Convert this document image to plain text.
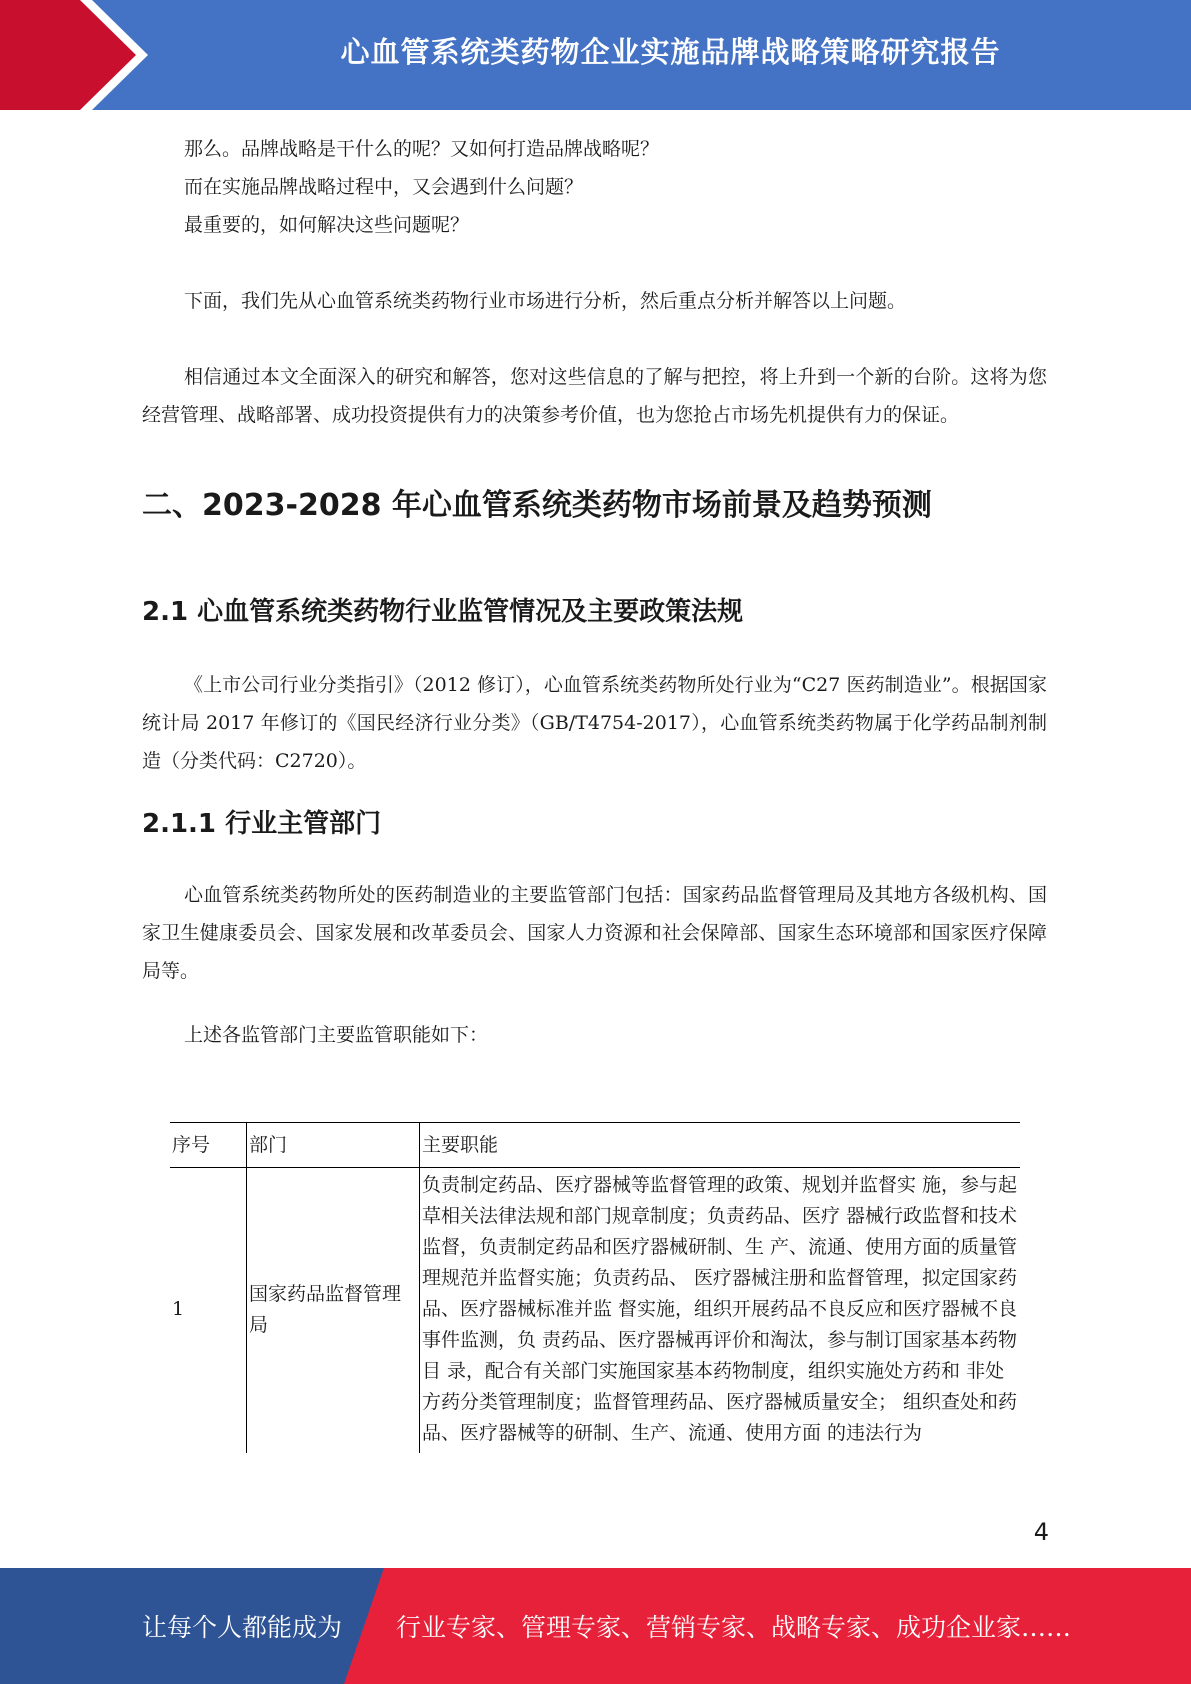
心血管系统类药物企业实施品牌战略策略研究报告

那么。品牌战略是干什么的呢？又如何打造品牌战略呢？

而在实施品牌战略过程中，又会遇到什么问题？

最重要的，如何解决这些问题呢？

下面，我们先从心血管系统类药物行业市场进行分析，然后重点分析并解答以上问题。

相信通过本文全面深入的研究和解答，您对这些信息的了解与把控，将上升到一个新的台阶。这将为您经营管理、战略部署、成功投资提供有力的决策参考价值，也为您抢占市场先机提供有力的保证。

二、2023-2028 年心血管系统类药物市场前景及趋势预测
2.1 心血管系统类药物行业监管情况及主要政策法规

《上市公司行业分类指引》（2012 修订），心血管系统类药物所处行业为“C27 医药制造业”。根据国家统计局 2017 年修订的《国民经济行业分类》（GB/T4754-2017），心血管系统类药物属于化学药品制剂制造（分类代码：C2720）。

2.1.1 行业主管部门

心血管系统类药物所处的医药制造业的主要监管部门包括：国家药品监督管理局及其地方各级机构、国家卫生健康委员会、国家发展和改革委员会、国家人力资源和社会保障部、国家生态环境部和国家医疗保障局等。

上述各监管部门主要监管职能如下：

序号	部门	主要职能
1	国家药品监督管理局	负责制定药品、医疗器械等监督管理的政策、规划并监督实 施，参与起草相关法律法规和部门规章制度；负责药品、医疗 器械行政监督和技术监督，负责制定药品和医疗器械研制、生 产、流通、使用方面的质量管理规范并监督实施；负责药品、 医疗器械注册和监督管理，拟定国家药品、医疗器械标准并监 督实施，组织开展药品不良反应和医疗器械不良事件监测，负 责药品、医疗器械再评价和淘汰，参与制订国家基本药物目 录，配合有关部门实施国家基本药物制度，组织实施处方药和 非处方药分类管理制度；监督管理药品、医疗器械质量安全； 组织查处和药品、医疗器械等的研制、生产、流通、使用方面 的违法行为
4
让每个人都能成为 行业专家、管理专家、营销专家、战略专家、成功企业家……
